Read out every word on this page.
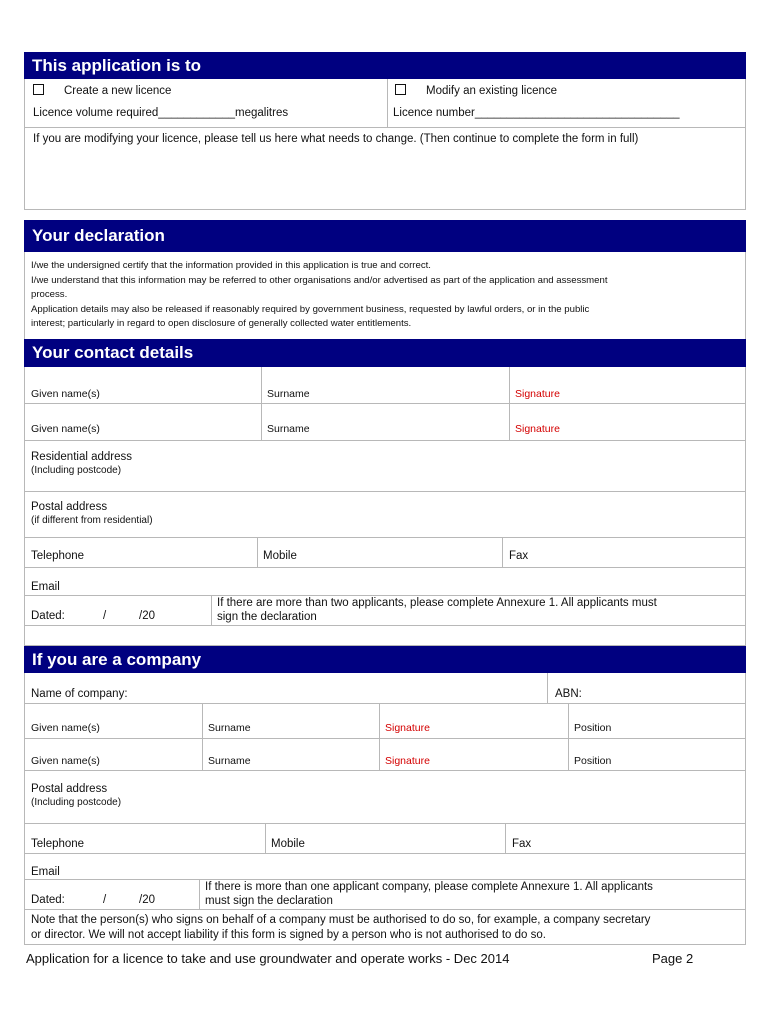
This application is to
Create a new licence	Modify an existing licence
Licence volume required____________megalitres	Licence number________________________________
If you are modifying your licence, please tell us here what needs to change. (Then continue to complete the form in full)
Your declaration
I/we the undersigned certify that the information provided in this application is true and correct.
I/we understand that this information may be referred to other organisations and/or advertised as part of the application and assessment
process.
Application details may also be released if reasonably required by government business, requested by lawful orders, or in the public
interest; particularly in regard to open disclosure of generally collected water entitlements.
Your contact details
Given name(s)	Surname	Signature
Given name(s)	Surname	Signature
Residential address
(Including postcode)
Postal address
(if different from residential)
Telephone	Mobile	Fax
Email
Dated:	/	/20
If there are more than two applicants, please complete Annexure 1. All applicants must
sign the declaration
If you are a company
Name of company:	ABN:
Given name(s)	Surname	Signature	Position
Given name(s)	Surname	Signature	Position
Postal address
(Including postcode)
Telephone	Mobile	Fax
Email
Dated:	/	/20
If there is more than one applicant company, please complete Annexure 1. All applicants
must sign the declaration
Note that the person(s) who signs on behalf of a company must be authorised to do so, for example, a company secretary
or director. We will not accept liability if this form is signed by a person who is not authorised to do so.
Application for a licence to take and use groundwater and operate works - Dec 2014	Page 2
